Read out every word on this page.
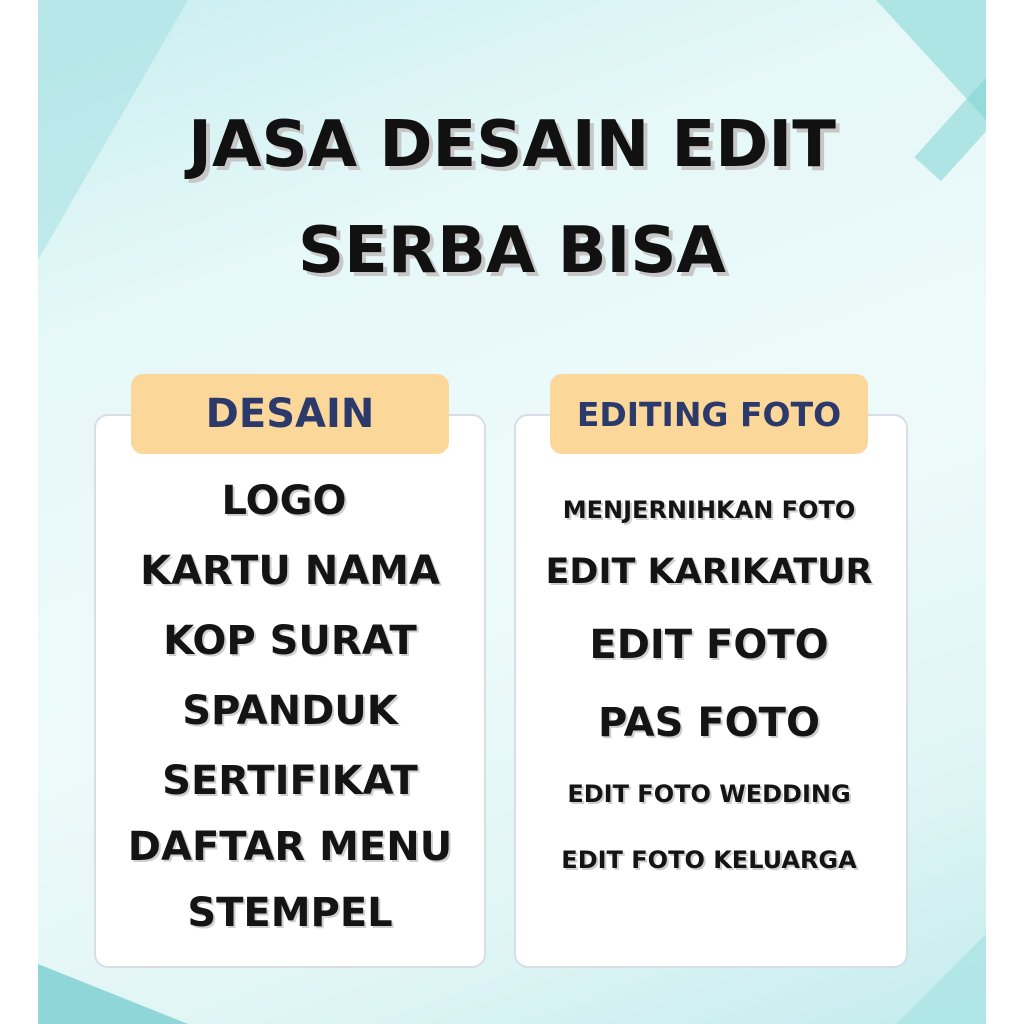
JASA DESAIN EDIT
SERBA BISA
DESAIN	EDITING FOTO
LOGO
KARTU NAMA
KOP SURAT
SPANDUK
SERTIFIKAT
DAFTAR MENU
STEMPEL
MENJERNIHKAN FOTO
EDIT KARIKATUR
EDIT FOTO
PAS FOTO
EDIT FOTO WEDDING
EDIT FOTO KELUARGA
